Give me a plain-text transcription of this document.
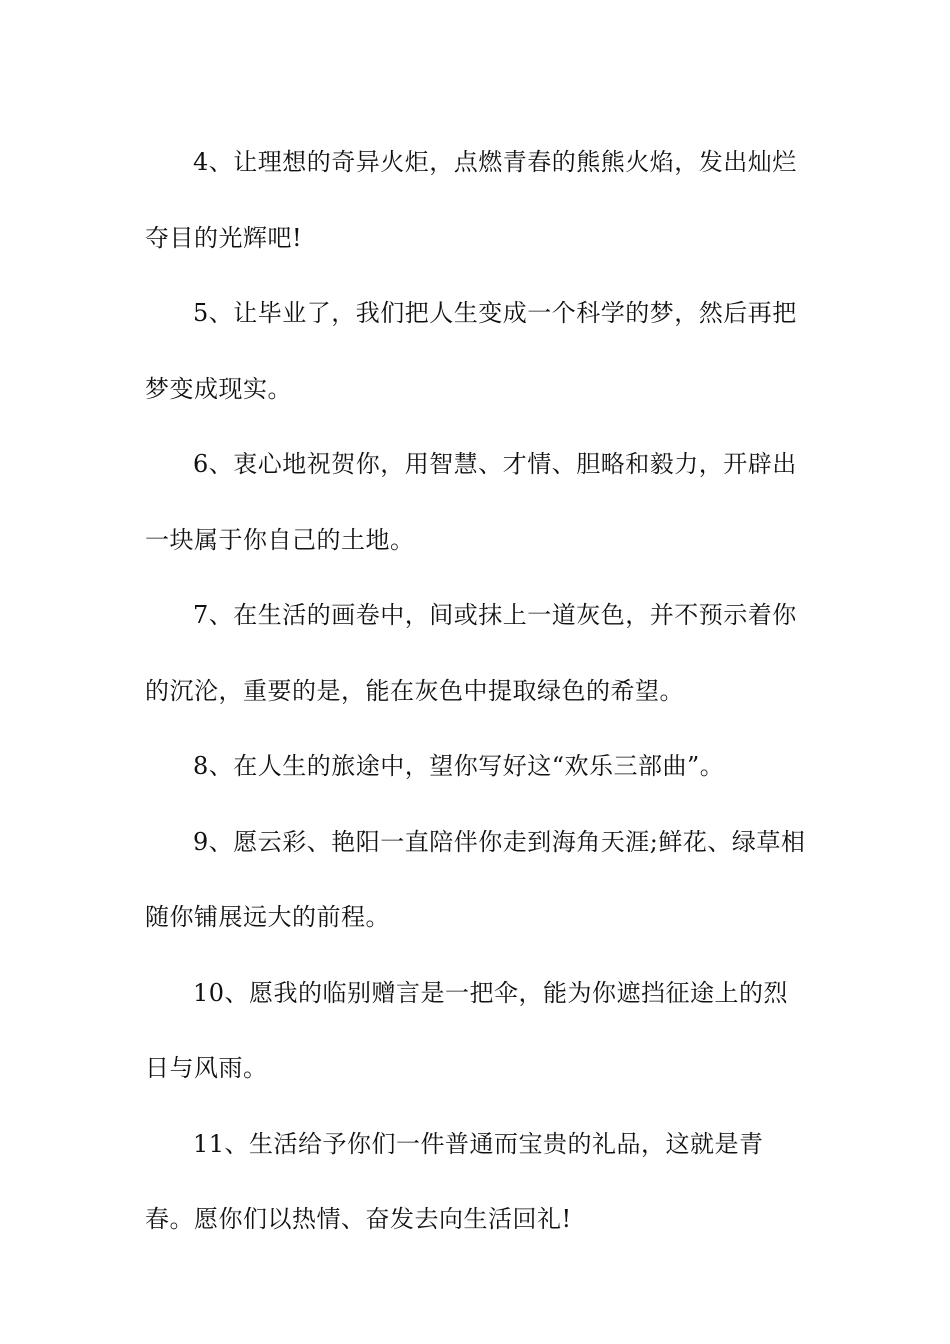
4、让理想的奇异火炬，点燃青春的熊熊火焰，发出灿烂夺目的光辉吧!

5、让毕业了，我们把人生变成一个科学的梦，然后再把梦变成现实。

6、衷心地祝贺你，用智慧、才情、胆略和毅力，开辟出一块属于你自己的土地。

7、在生活的画卷中，间或抹上一道灰色，并不预示着你的沉沦，重要的是，能在灰色中提取绿色的希望。

8、在人生的旅途中，望你写好这“欢乐三部曲”。

9、愿云彩、艳阳一直陪伴你走到海角天涯;鲜花、绿草相随你铺展远大的前程。

10、愿我的临别赠言是一把伞，能为你遮挡征途上的烈日与风雨。

11、生活给予你们一件普通而宝贵的礼品，这就是青春。愿你们以热情、奋发去向生活回礼!
